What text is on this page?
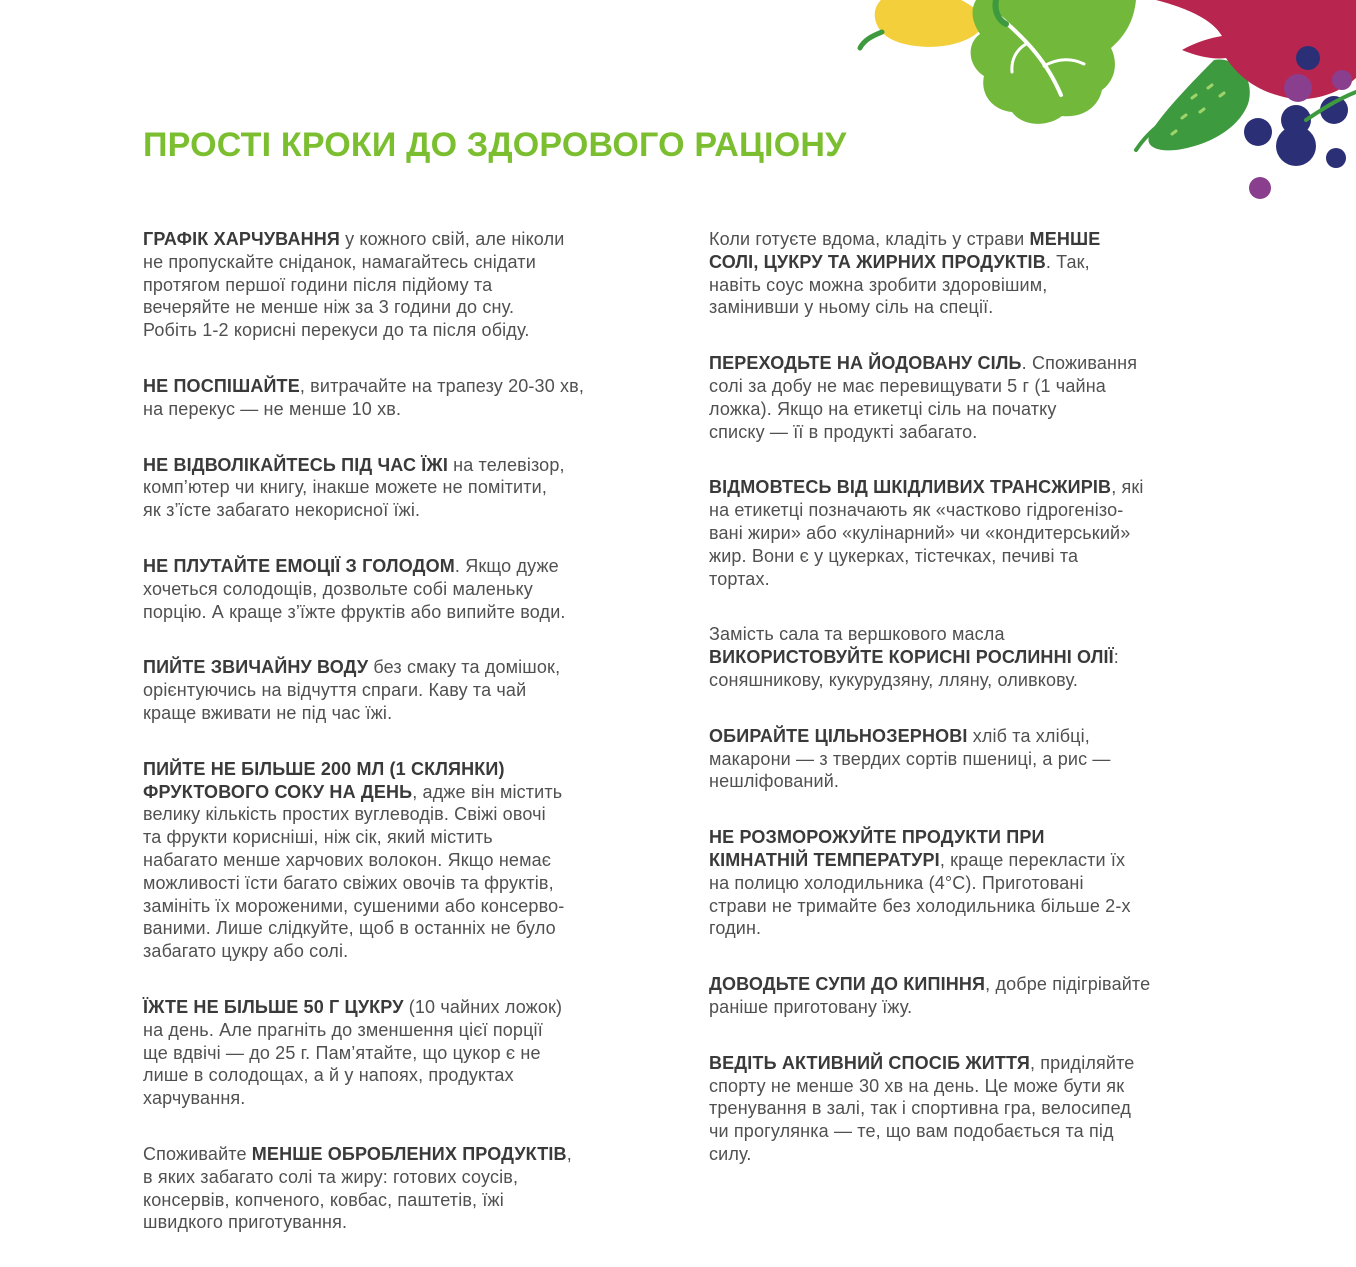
ПРОСТІ КРОКИ ДО ЗДОРОВОГО РАЦІОНУ

ГРАФІК ХАРЧУВАННЯ у кожного свій, але ніколи
не пропускайте сніданок, намагайтесь снідати
протягом першої години після підйому та
вечеряйте не менше ніж за 3 години до сну.
Робіть 1-2 корисні перекуси до та після обіду.

НЕ ПОСПІШАЙТЕ, витрачайте на трапезу 20-30 хв,
на перекус — не менше 10 хв.

НЕ ВІДВОЛІКАЙТЕСЬ ПІД ЧАС ЇЖІ на телевізор,
комп’ютер чи книгу, інакше можете не помітити,
як з’їсте забагато некорисної їжі.

НЕ ПЛУТАЙТЕ ЕМОЦІЇ З ГОЛОДОМ. Якщо дуже
хочеться солодощів, дозвольте собі маленьку
порцію. А краще з’їжте фруктів або випийте води.

ПИЙТЕ ЗВИЧАЙНУ ВОДУ без смаку та домішок,
орієнтуючись на відчуття спраги. Каву та чай
краще вживати не під час їжі.

ПИЙТЕ НЕ БІЛЬШЕ 200 МЛ (1 СКЛЯНКИ)
ФРУКТОВОГО СОКУ НА ДЕНЬ, адже він містить
велику кількість простих вуглеводів. Свіжі овочі
та фрукти корисніші, ніж сік, який містить
набагато менше харчових волокон. Якщо немає
можливості їсти багато свіжих овочів та фруктів,
замініть їх мороженими, сушеними або консерво-
ваними. Лише слідкуйте, щоб в останніх не було
забагато цукру або солі.

ЇЖТЕ НЕ БІЛЬШЕ 50 Г ЦУКРУ (10 чайних ложок)
на день. Але прагніть до зменшення цієї порції
ще вдвічі — до 25 г. Пам’ятайте, що цукор є не
лише в солодощах, а й у напоях, продуктах
харчування.

Споживайте МЕНШЕ ОБРОБЛЕНИХ ПРОДУКТІВ,
в яких забагато солі та жиру: готових соусів,
консервів, копченого, ковбас, паштетів, їжі
швидкого приготування.

Коли готуєте вдома, кладіть у страви МЕНШЕ
СОЛІ, ЦУКРУ ТА ЖИРНИХ ПРОДУКТІВ. Так,
навіть соус можна зробити здоровішим,
замінивши у ньому сіль на спеції.

ПЕРЕХОДЬТЕ НА ЙОДОВАНУ СІЛЬ. Споживання
солі за добу не має перевищувати 5 г (1 чайна
ложка). Якщо на етикетці сіль на початку
списку — її в продукті забагато.

ВІДМОВТЕСЬ ВІД ШКІДЛИВИХ ТРАНСЖИРІВ, які
на етикетці позначають як «частково гідрогенізо-
вані жири» або «кулінарний» чи «кондитерський»
жир. Вони є у цукерках, тістечках, печиві та
тортах.

Замість сала та вершкового масла
ВИКОРИСТОВУЙТЕ КОРИСНІ РОСЛИННІ ОЛІЇ:
соняшникову, кукурудзяну, лляну, оливкову.

ОБИРАЙТЕ ЦІЛЬНОЗЕРНОВІ хліб та хлібці,
макарони — з твердих сортів пшениці, а рис —
нешліфований.

НЕ РОЗМОРОЖУЙТЕ ПРОДУКТИ ПРИ
КІМНАТНІЙ ТЕМПЕРАТУРІ, краще перекласти їх
на полицю холодильника (4°С). Приготовані
страви не тримайте без холодильника більше 2-х
годин.

ДОВОДЬТЕ СУПИ ДО КИПІННЯ, добре підігрівайте
раніше приготовану їжу.

ВЕДІТЬ АКТИВНИЙ СПОСІБ ЖИТТЯ, приділяйте
спорту не менше 30 хв на день. Це може бути як
тренування в залі, так і спортивна гра, велосипед
чи прогулянка — те, що вам подобається та під
силу.
